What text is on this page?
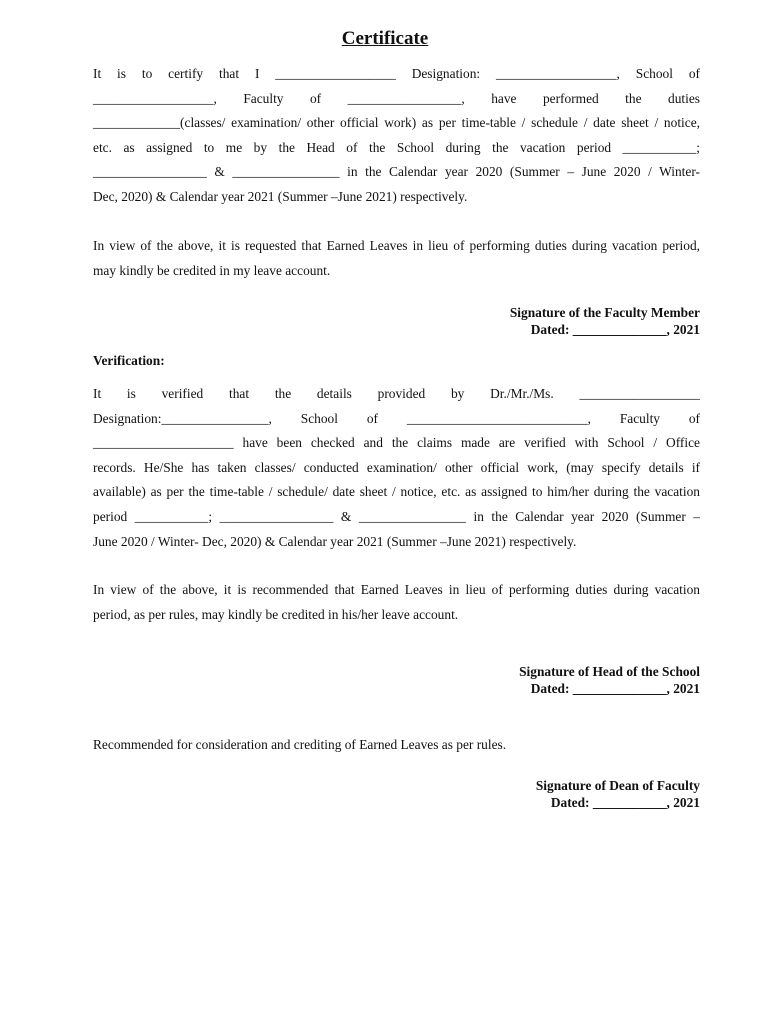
Certificate
It is to certify that I __________________ Designation: __________________, School of
__________________, Faculty of _________________, have performed the duties
_____________(classes/ examination/ other official work) as per time-table / schedule / date sheet / notice,
etc. as assigned to me by the Head of the School during the vacation period ___________;
_________________ & ________________ in the Calendar year 2020 (Summer – June 2020 / Winter-
Dec, 2020) & Calendar year 2021 (Summer –June 2021) respectively.
In view of the above, it is requested that Earned Leaves in lieu of performing duties during vacation period,
may kindly be credited in my leave account.
Signature of the Faculty Member
Dated: ______________, 2021
Verification:
It is verified that the details provided by Dr./Mr./Ms. __________________
Designation:________________, School of ___________________________, Faculty of
_____________________ have been checked and the claims made are verified with School / Office
records. He/She has taken classes/ conducted examination/ other official work, (may specify details if
available) as per the time-table / schedule/ date sheet / notice, etc. as assigned to him/her during the vacation
period ___________; _________________ & ________________ in the Calendar year 2020 (Summer –
June 2020 / Winter- Dec, 2020) & Calendar year 2021 (Summer –June 2021) respectively.
In view of the above, it is recommended that Earned Leaves in lieu of performing duties during vacation
period, as per rules, may kindly be credited in his/her leave account.
Signature of Head of the School
Dated: ______________, 2021
Recommended for consideration and crediting of Earned Leaves as per rules.
Signature of Dean of Faculty
Dated: ___________, 2021
